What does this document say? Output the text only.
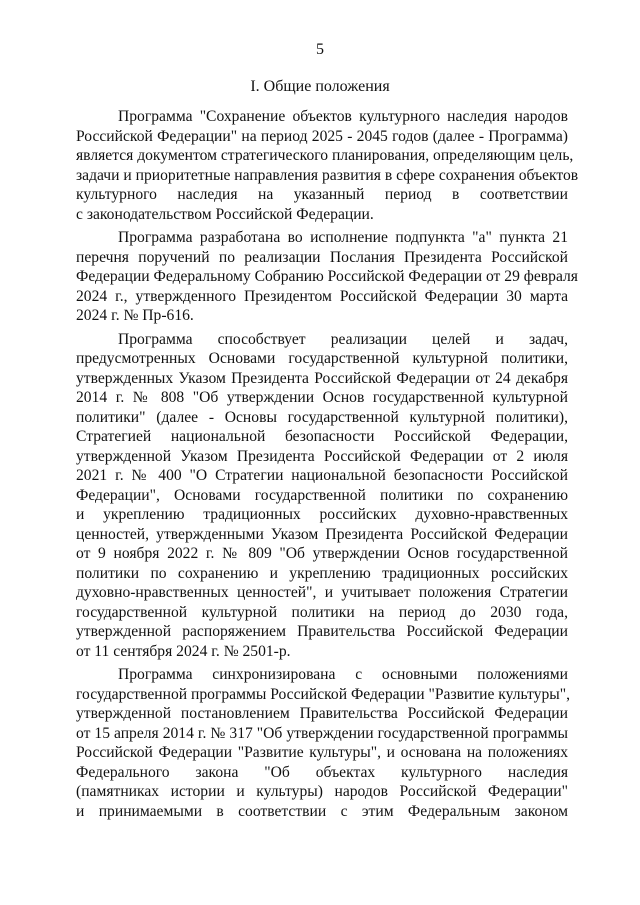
5
I. Общие положения
Программа "Сохранение объектов культурного наследия народов
Российской Федерации" на период 2025 - 2045 годов (далее - Программа)
является документом стратегического планирования, определяющим цель,
задачи и приоритетные направления развития в сфере сохранения объектов
культурного наследия на указанный период в соответствии
с законодательством Российской Федерации.
Программа разработана во исполнение подпункта "а" пункта 21
перечня поручений по реализации Послания Президента Российской
Федерации Федеральному Собранию Российской Федерации от 29 февраля
2024 г., утвержденного Президентом Российской Федерации 30 марта
2024 г. № Пр-616.
Программа способствует реализации целей и задач,
предусмотренных Основами государственной культурной политики,
утвержденных Указом Президента Российской Федерации от 24 декабря
2014 г. № 808 "Об утверждении Основ государственной культурной
политики" (далее - Основы государственной культурной политики),
Стратегией национальной безопасности Российской Федерации,
утвержденной Указом Президента Российской Федерации от 2 июля
2021 г. № 400 "О Стратегии национальной безопасности Российской
Федерации", Основами государственной политики по сохранению
и укреплению традиционных российских духовно-нравственных
ценностей, утвержденными Указом Президента Российской Федерации
от 9 ноября 2022 г. № 809 "Об утверждении Основ государственной
политики по сохранению и укреплению традиционных российских
духовно-нравственных ценностей", и учитывает положения Стратегии
государственной культурной политики на период до 2030 года,
утвержденной распоряжением Правительства Российской Федерации
от 11 сентября 2024 г. № 2501-р.
Программа синхронизирована с основными положениями
государственной программы Российской Федерации "Развитие культуры",
утвержденной постановлением Правительства Российской Федерации
от 15 апреля 2014 г. № 317 "Об утверждении государственной программы
Российской Федерации "Развитие культуры", и основана на положениях
Федерального закона "Об объектах культурного наследия
(памятниках истории и культуры) народов Российской Федерации"
и принимаемыми в соответствии с этим Федеральным законом
